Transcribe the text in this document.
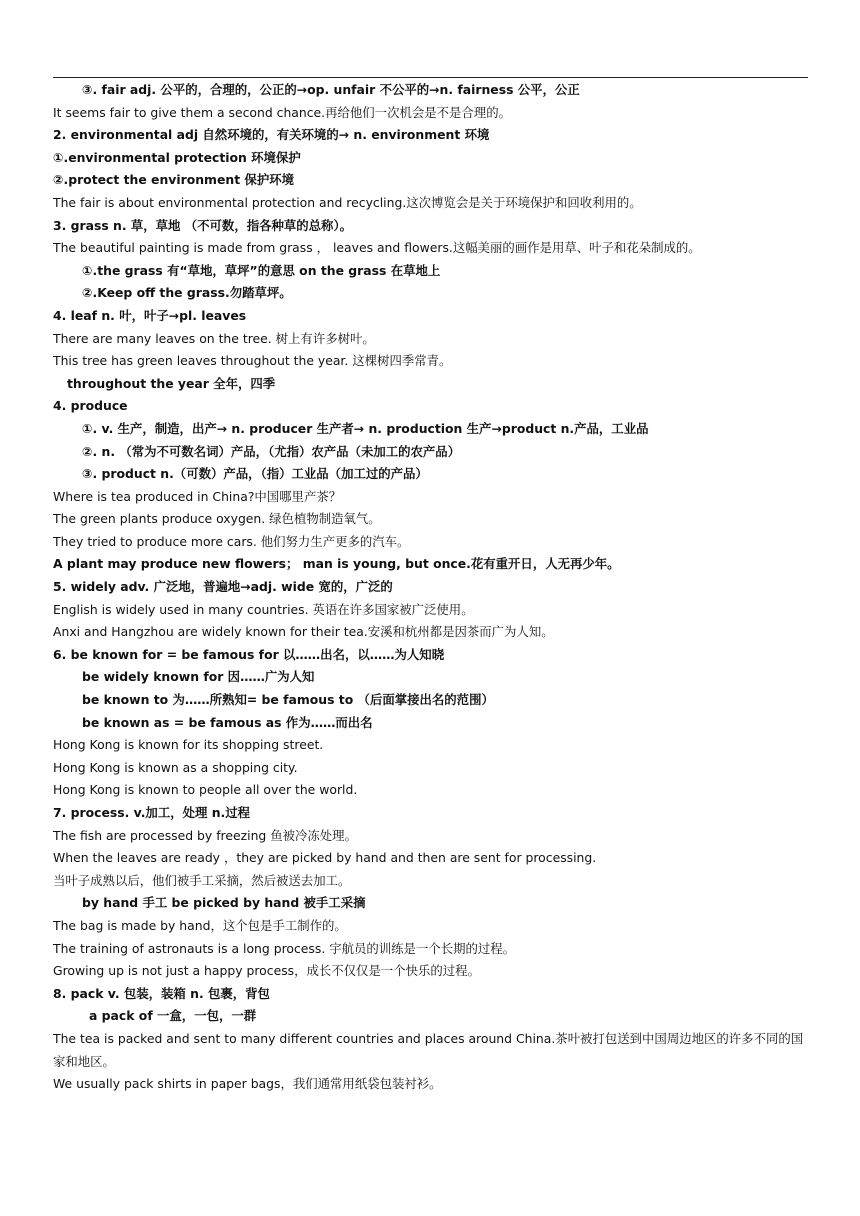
③. fair adj. 公平的，合理的，公正的→op. unfair 不公平的→n. fairness 公平，公正
It seems fair to give them a second chance.再给他们一次机会是不是合理的。
2. environmental adj 自然环境的，有关环境的→ n. environment 环境
①.environmental protection 环境保护
②.protect the environment 保护环境
The fair is about environmental protection and recycling.这次博览会是关于环境保护和回收利用的。
3. grass n. 草，草地 （不可数，指各种草的总称）。
The beautiful painting is made from grass ， leaves and flowers.这幅美丽的画作是用草、叶子和花朵制成的。
①.the grass 有“草地，草坪”的意思 on the grass 在草地上
②.Keep off the grass.勿踏草坪。
4. leaf n. 叶，叶子→pl. leaves
There are many leaves on the tree. 树上有许多树叶。
This tree has green leaves throughout the year. 这棵树四季常青。
throughout the year 全年，四季
4. produce
①. v. 生产，制造，出产→ n. producer 生产者→ n. production 生产→product n.产品，工业品
②. n. （常为不可数名词）产品，（尤指）农产品（未加工的农产品）
③. product n.（可数）产品，（指）工业品（加工过的产品）
Where is tea produced in China?中国哪里产茶？
The green plants produce oxygen. 绿色植物制造氧气。
They tried to produce more cars. 他们努力生产更多的汽车。
A plant may produce new flowers； man is young, but once.花有重开日，人无再少年。
5. widely adv. 广泛地，普遍地→adj. wide 宽的，广泛的
English is widely used in many countries. 英语在许多国家被广泛使用。
Anxi and Hangzhou are widely known for their tea.安溪和杭州都是因茶而广为人知。
6. be known for = be famous for 以……出名，以……为人知晓
be widely known for 因……广为人知
be known to 为……所熟知= be famous to （后面掌接出名的范围）
be known as = be famous as 作为……而出名
Hong Kong is known for its shopping street.
Hong Kong is known as a shopping city.
Hong Kong is known to people all over the world.
7. process. v.加工，处理 n.过程
The fish are processed by freezing 鱼被冷冻处理。
When the leaves are ready ，they are picked by hand and then are sent for processing.
当叶子成熟以后，他们被手工采摘，然后被送去加工。
by hand 手工 be picked by hand 被手工采摘
The bag is made by hand，这个包是手工制作的。
The training of astronauts is a long process. 宇航员的训练是一个长期的过程。
Growing up is not just a happy process，成长不仅仅是一个快乐的过程。
8. pack v. 包装，装箱 n. 包裹，背包
a pack of 一盒，一包，一群
The tea is packed and sent to many different countries and places around China.茶叶被打包送到中国周边地区的许多不同的国家和地区。
We usually pack shirts in paper bags，我们通常用纸袋包装衬衫。
